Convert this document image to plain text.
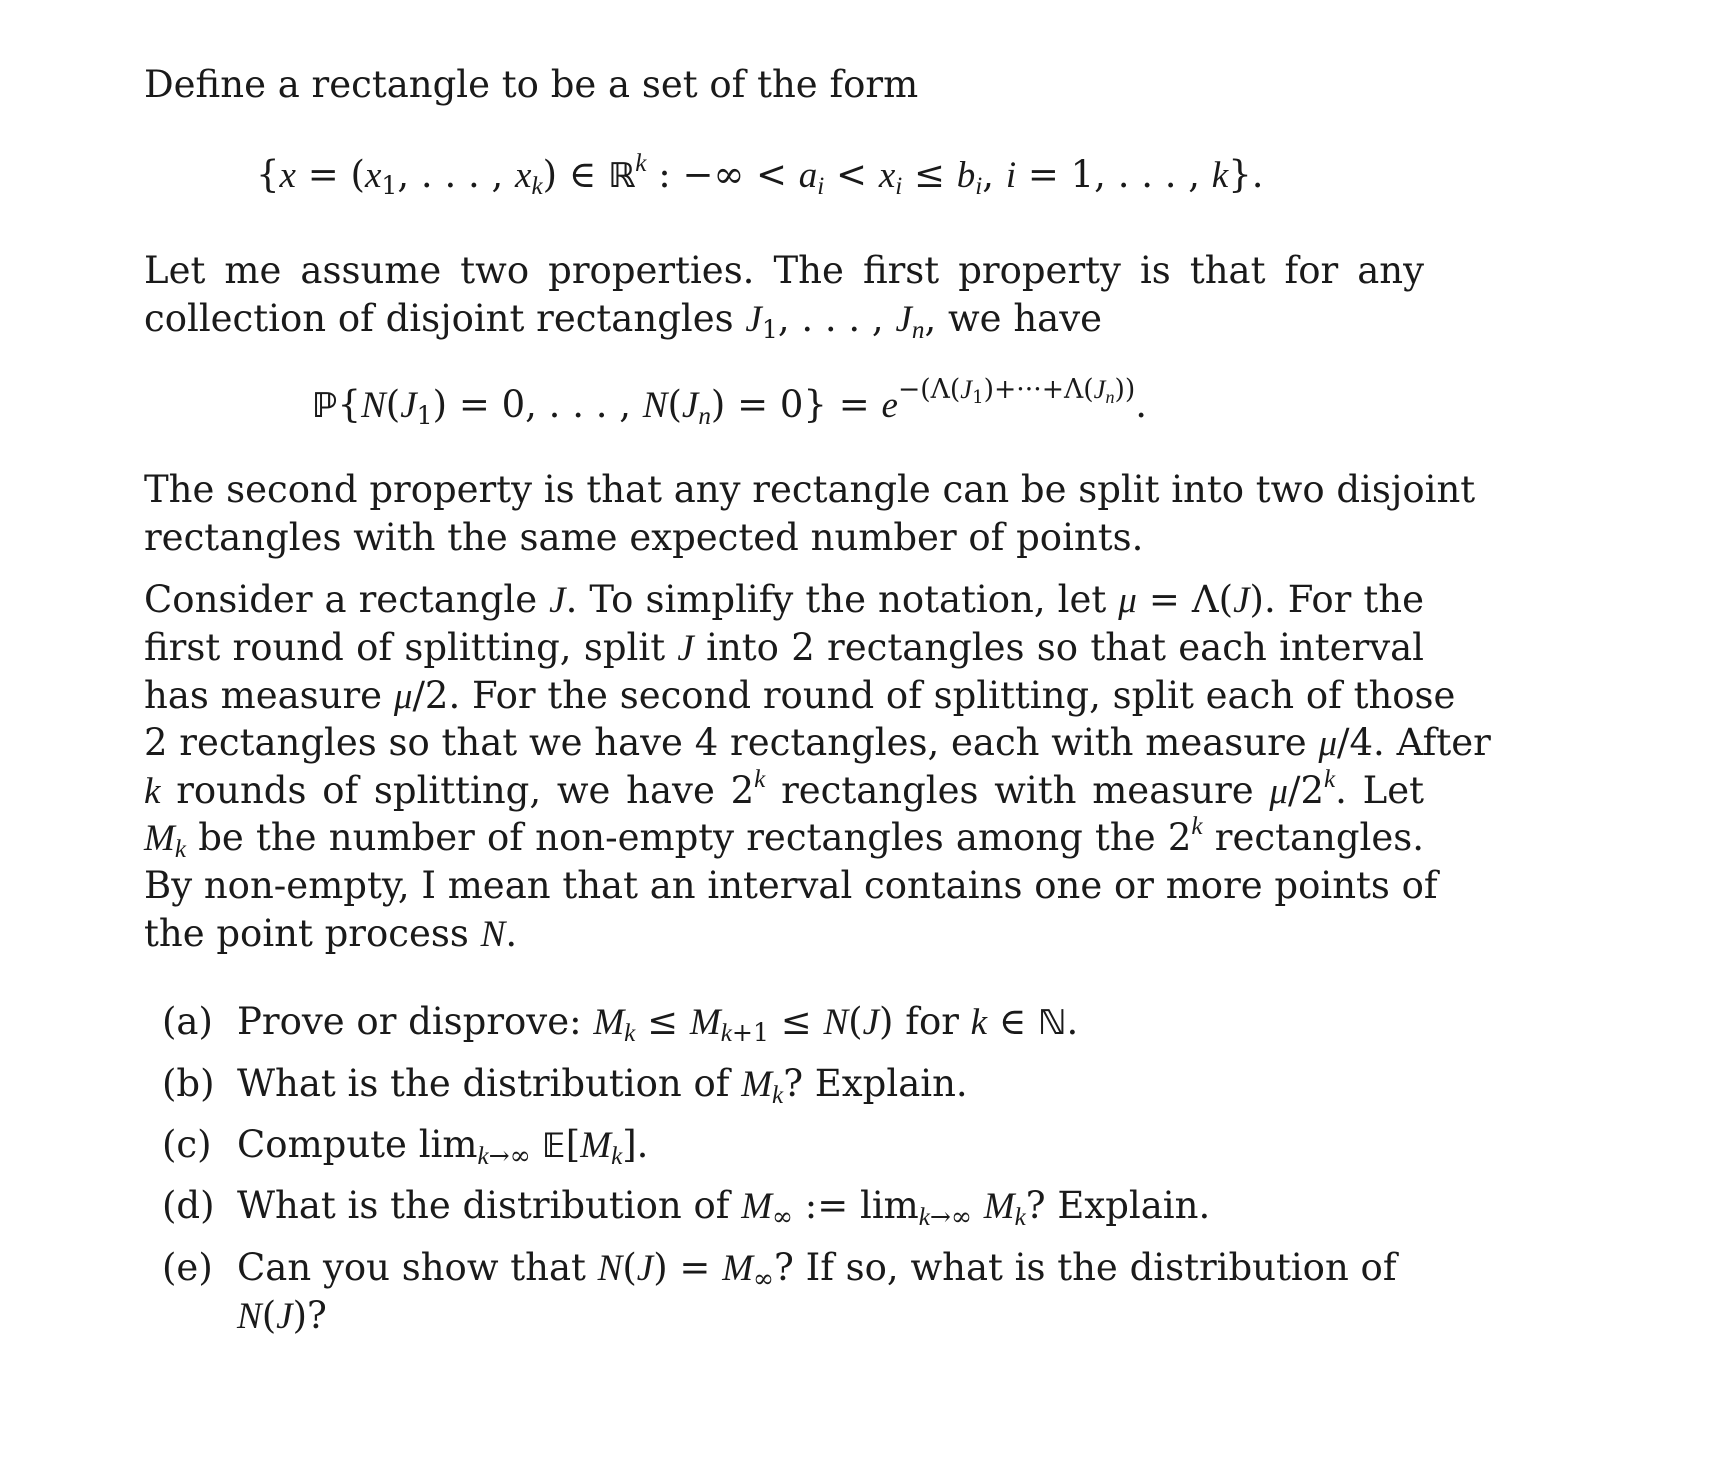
Define a rectangle to be a set of the form
{$x = (x_1$, . . . , $x_k$) ∈ ℝ$^k$ : −∞ < $a_i < x_i \le b_i$, i = 1, . . . , k}.
Let me assume two properties. The first property is that for any
collection of disjoint rectangles $J_1$, . . . , $J_n$, we have
$ℙ\{N(J_1) = 0$, . . . , $N(J_n) = 0\} = e^{-(\Lambda(J_1)+\cdot\cdot\cdot+\Lambda(J_n))}$.
The second property is that any rectangle can be split into two disjoint
rectangles with the same expected number of points.
Consider a rectangle J. To simplify the notation, let μ = Λ(J). For the
first round of splitting, split J into 2 rectangles so that each interval
has measure μ/2. For the second round of splitting, split each of those
2 rectangles so that we have 4 rectangles, each with measure μ/4. After
k rounds of splitting, we have 2$^k$ rectangles with measure μ/2$^k$. Let
$M_k$ be the number of non-empty rectangles among the 2$^k$ rectangles.
By non-empty, I mean that an interval contains one or more points of
the point process N.
(a) Prove or disprove: $M_k \le M_{k+1} \le N(J)$ for k ∈ ℕ.
(b) What is the distribution of $M_k$? Explain.
(c) Compute $\lim_{k\to\infty}$ $𝔼[M_k]$.
(d) What is the distribution of $M_\infty$ := $\lim_{k\to\infty} M_k$? Explain.
(e) Can you show that $N(J) = M_\infty$? If so, what is the distribution of
N(J)?
